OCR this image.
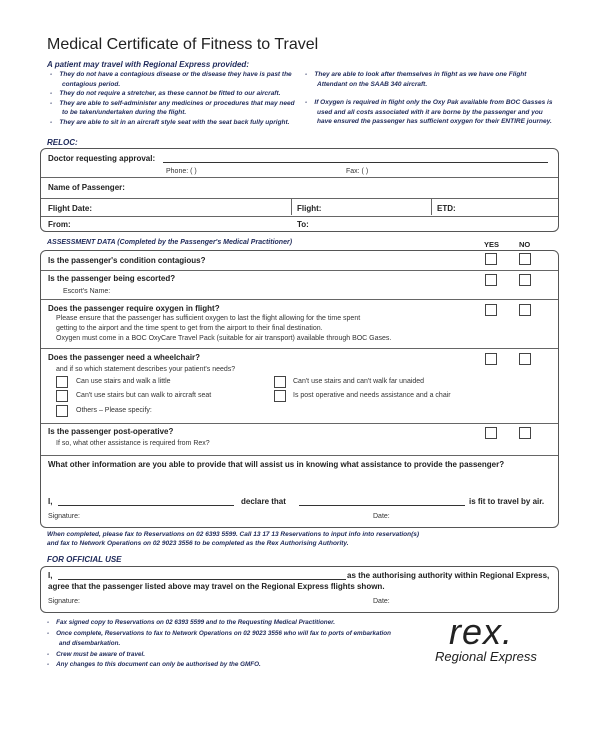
Medical Certificate of Fitness to Travel
A patient may travel with Regional Express provided:
-    They do not have a contagious disease or the disease they have is past the contagious period.
-    They do not require a stretcher, as these cannot be fitted to our aircraft.
-    They are able to self-administer any medicines or procedures that may need to be taken/undertaken during the flight.
-    They are able to sit in an aircraft style seat with the seat back fully upright.
-    They are able to look after themselves in flight as we have one Flight Attendant on the SAAB 340 aircraft.
-    If Oxygen is required in flight only the Oxy Pak available from BOC Gasses is used and all costs associated with it are borne by the passenger and you have ensured the passenger has sufficient oxygen for their ENTIRE journey.
RELOC:
Doctor requesting approval:
Phone: ( )	Fax: ( )
Name of Passenger:
Flight Date:	Flight:	ETD:
From:	To:
ASSESSMENT DATA (Completed by the Passenger's Medical Practitioner)	YES	NO
Is the passenger's condition contagious?
Is the passenger being escorted?
Escort's Name:
Does the passenger require oxygen in flight?
Please ensure that the passenger has sufficient oxygen to last the flight allowing for the time spent
getting to the airport and the time spent to get from the airport to their final destination.
Oxygen must come in a BOC OxyCare Travel Pack (suitable for air transport) available through BOC Gases.
Does the passenger need a wheelchair?
and if so which statement describes your patient's needs?
Can use stairs and walk a little
Can't use stairs but can walk to aircraft seat
Others – Please specify:
Can't use stairs and can't walk far unaided
Is post operative and needs assistance and a chair
Is the passenger post-operative?
If so, what other assistance is required from Rex?
What other information are you able to provide that will assist us in knowing what assistance to provide the passenger?
I,	declare that	is fit to travel by air.
Signature:	Date:
When completed, please fax to Reservations on 02 6393 5599. Call 13 17 13 Reservations to input info into reservation(s)
and fax to Network Operations on 02 9023 3556 to be completed as the Rex Authorising Authority.
FOR OFFICIAL USE
I,	as the authorising authority within Regional Express,
agree that the passenger listed above may travel on the Regional Express flights shown.
Signature:	Date:
-    Fax signed copy to Reservations on 02 6393 5599 and to the Requesting Medical Practitioner.
-    Once complete, Reservations to fax to Network Operations on 02 9023 3556 who will fax to ports of embarkation
and disembarkation.
-    Crew must be aware of travel.
-    Any changes to this document can only be authorised by the GMFO.
rex.
Regional Express
